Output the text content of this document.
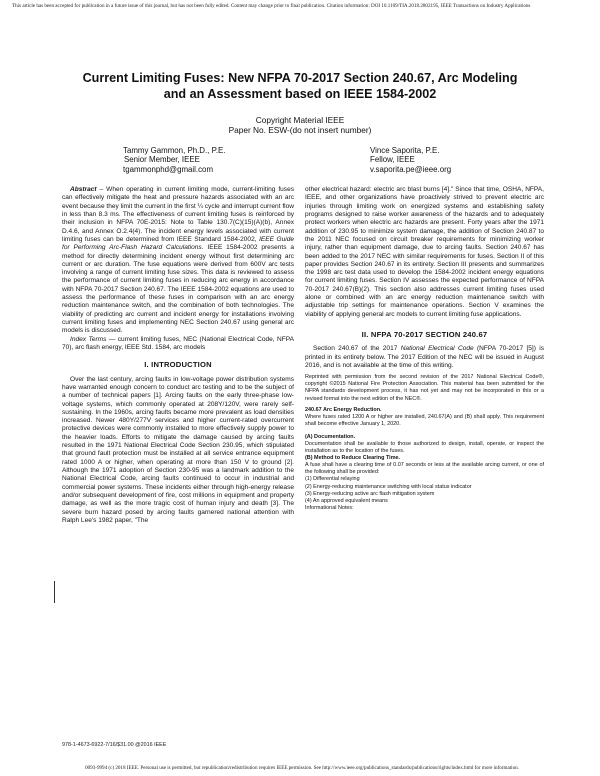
This article has been accepted for publication in a future issue of this journal, but has not been fully edited. Content may change prior to final publication. Citation information: DOI 10.1109/TIA.2018.2802195, IEEE Transactions on Industry Applications
Current Limiting Fuses: New NFPA 70-2017 Section 240.67, Arc Modeling
and an Assessment based on IEEE 1584-2002
Copyright Material IEEE
Paper No. ESW-(do not insert number)
Tammy Gammon, Ph.D., P.E.
Senior Member, IEEE
tgammonphd@gmail.com
Vince Saporita, P.E.
Fellow, IEEE
v.saporita.pe@ieee.org

Abstract – When operating in current limiting mode, current-limiting fuses can effectively mitigate the heat and pressure hazards associated with an arc event because they limit the current in the first ¼ cycle and interrupt current flow in less than 8.3 ms. The effectiveness of current limiting fuses is reinforced by their inclusion in NFPA 70E-2015: Note to Table 130.7(C)(15)(A)(b), Annex D.4.6, and Annex O.2.4(4). The incident energy levels associated with current limiting fuses can be determined from IEEE Standard 1584-2002, IEEE Guide for Performing Arc-Flash Hazard Calculations. IEEE 1584-2002 presents a method for directly determining incident energy without first determining arc current or arc duration. The fuse equations were derived from 600V arc tests involving a range of current limiting fuse sizes. This data is reviewed to assess the performance of current limiting fuses in reducing arc energy in accordance with NFPA 70-2017 Section 240.67. The IEEE 1584-2002 equations are used to assess the performance of these fuses in comparison with an arc energy reduction maintenance switch, and the combination of both technologies. The viability of predicting arc current and incident energy for installations involving current limiting fuses and implementing NEC Section 240.67 using general arc models is discussed.

Index Terms — current limiting fuses, NEC (National Electrical Code, NFPA 70), arc flash energy, IEEE Std. 1584, arc models

I. INTRODUCTION

Over the last century, arcing faults in low-voltage power distribution systems have warranted enough concern to conduct arc testing and to be the subject of a number of technical papers [1]. Arcing faults on the early three-phase low-voltage systems, which commonly operated at 208Y/120V, were rarely self-sustaining. In the 1960s, arcing faults became more prevalent as load densities increased. Newer 480Y/277V services and higher current-rated overcurrent protective devices were commonly installed to more effectively supply power to the heavier loads. Efforts to mitigate the damage caused by arcing faults resulted in the 1971 National Electrical Code Section 230.95, which stipulated that ground fault protection must be installed at all service entrance equipment rated 1000 A or higher, when operating at more than 150 V to ground [2]. Although the 1971 adoption of Section 230-95 was a landmark addition to the National Electrical Code, arcing faults continued to occur in industrial and commercial power systems. These incidents either through high-energy release and/or subsequent development of fire, cost millions in equipment and property damage, as well as the more tragic cost of human injury and death [3]. The severe burn hazard posed by arcing faults garnered national attention with Ralph Lee's 1982 paper, "The

other electrical hazard: electric arc blast burns [4]." Since that time, OSHA, NFPA, IEEE, and other organizations have proactively strived to prevent electric arc injuries through limiting work on energized systems and establishing safety programs designed to raise worker awareness of the hazards and to adequately protect workers when electric arc hazards are present. Forty years after the 1971 addition of 230.95 to minimize system damage, the addition of Section 240.87 to the 2011 NEC focused on circuit breaker requirements for minimizing worker injury, rather than equipment damage, due to arcing faults. Section 240.67 has been added to the 2017 NEC with similar requirements for fuses. Section II of this paper provides Section 240.67 in its entirety. Section III presents and summarizes the 1998 arc test data used to develop the 1584-2002 incident energy equations for current limiting fuses. Section IV assesses the expected performance of NFPA 70-2017 240.67(B)(2). This section also addresses current limiting fuses used alone or combined with an arc energy reduction maintenance switch with adjustable trip settings for maintenance operations. Section V examines the viability of applying general arc models to current limiting fuse applications.

II. NFPA 70-2017 SECTION 240.67

Section 240.67 of the 2017 National Electrical Code (NFPA 70-2017 [5]) is printed in its entirety below. The 2017 Edition of the NEC will be issued in August 2016, and is not available at the time of this writing.

Reprinted with permission from the second revision of the 2017 National Electrical Code®, copyright ©2015 National Fire Protection Association. This material has been submitted for the NFPA standards development process, it has not yet and may not be incorporated in this or a revised format into the next edition of the NEC®.

240.67 Arc Energy Reduction.

Where fuses rated 1200 A or higher are installed, 240.67(A) and (B) shall apply. This requirement shall become effective January 1, 2020.

(A) Documentation.

Documentation shall be available to those authorized to design, install, operate, or inspect the installation as to the location of the fuses.

(B) Method to Reduce Clearing Time.

A fuse shall have a clearing time of 0.07 seconds or less at the available arcing current, or one of the following shall be provided:

(1) Differential relaying

(2) Energy-reducing maintenance switching with local status indicator

(3) Energy-reducing active arc flash mitigation system

(4) An approved equivalent means

Informational Notes:

978-1-4673-6922-7/16/$31.00 @2016 IEEE
0093-9994 (c) 2018 IEEE. Personal use is permitted, but republication/redistribution requires IEEE permission. See http://www.ieee.org/publications_standards/publications/rights/index.html for more information.
